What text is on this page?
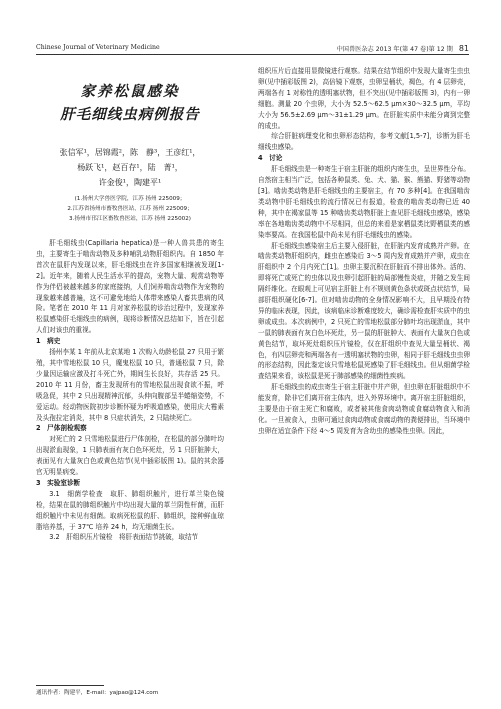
Chinese Journal of Veterinary Medicine	中国兽医杂志 2013 年(第 47 卷)第 12 期 81
家养松鼠感染
肝毛细线虫病例报告
张信军¹，居锦霞²，陈　静³，王彦红¹，
杨跃飞¹，赵百存¹，陆　菁¹，
许金俊¹，陶建平¹
(1.扬州大学兽医学院，江苏 扬州 225009；
2.江苏省扬州市畜牧兽医站，江苏 扬州 225009；
3.扬州市邗江区畜牧兽医站，江苏 扬州 225002)

肝毛细线虫(Capillaria hepatica)是一种人兽共患的寄生虫，主要寄生于啮齿动物及多种哺乳动物肝组织内。自 1850 年首次在鼠肝内发现以来，肝毛细线虫在许多国家相继被发现[1-2]。近年来，随着人民生活水平的提高，宠物大量、观赏动物等作为伴侣被越来越多的家庭接纳，人们饲养啮齿动物作为宠物的现象越来越普遍，这不可避免地给人体带来感染人畜共患病的风险。笔者在 2010 年 11 月对家养松鼠的诊治过程中，发现家养松鼠感染肝毛细线虫的病例，现将诊断情况总结如下，旨在引起人们对该虫的重视。

1　病史

扬州李某 1 年前从北京某地 1 次购入幼龄松鼠 27 只用于繁殖，其中雪地松鼠 10 只，魔鬼松鼠 10 只，普通松鼠 7 只，除少量因运输应激及打斗死亡外，期间生长良好，共存活 25 只。2010 年 11 月份，畜主发现所有的雪地松鼠出现食欲不振，呼吸急促，其中 2 只出现精神沉郁，头伸向腹部呈半蜷缩姿势，不爱运动。经动物医院初步诊断怀疑为呼吸道感染，使用庆大霉素及头孢拉定消炎，其中 8 只症状消失，2 只陆续死亡。

2　尸体剖检观察

对死亡的 2 只雪地松鼠进行尸体剖检，在松鼠的部分肺叶均出现淤血现象，1 只肺表面有灰白色环死灶，另 1 只肝脏肿大，表面见有大量灰白色或黄色结节(见中插彩版图 1)。鼠的其余器官无明显病变。

3　实验室诊断

3.1　细菌学检查　取肝、肺组织触片，进行革兰染色镜检，结果在鼠的肺组织触片中均出现大量的革兰阴性杆菌，而肝组织触片中未见有细菌。取病死松鼠的肝、肺组织，接种鲜血琼脂培养基，于 37℃ 培养 24 h，均无细菌生长。

3.2　肝组织压片镜检　将肝表面结节挑破，取结节

组织压片后直接用显微镜进行观察。结果在结节组织中发现大量寄生虫虫卵(见中插彩版图 2)，高倍镜下观察，虫卵呈桶状，褐色，有 4 层卵壳，两端各有 1 对称性的透明塞状物，但不突出(见中插彩版图 3)，内有一卵细胞。测量 20 个虫卵，大小为 52.5～62.5 μm×30～32.5 μm，平均大小为 56.5±2.69 μm～31±1.29 μm。在肝脏实质中未能分离到完整的成虫。

综合肝脏病理变化和虫卵形态结构，参考文献[1,5-7]，诊断为肝毛细线虫感染。

4　讨论

肝毛细线虫是一种寄生于宿主肝脏的组织内寄生虫，呈世界性分布。自然宿主相当广泛，包括各种鼠类、兔、犬、猫、猴、熊猫、野猪等动物[3]。啮齿类动物是肝毛细线虫的主要宿主，有 70 多种[4]。在我国啮齿类动物中肝毛细线虫的流行情况已有报道，检查的啮齿类动物已近 40 种，其中在褐家鼠等 15 种啮齿类动物肝脏上查见肝毛细线虫感染，感染率在各地啮齿类动物中不尽相同，但总的来看是家栖鼠类比野栖鼠类的感染率要高。在我国松鼠中尚未见有肝毛细线虫的感染。

肝毛细线虫感染宿主后主要入侵肝脏，在肝脏内发育成熟并产卵。在啮齿类动物肝组织内，雌虫在感染后 3～5 周内发育成熟并产卵，成虫在肝组织中 2 个月内死亡[1]。虫卵主要沉积在肝脏而不排出体外。活的、即将死亡或死亡的虫体以及虫卵引起肝脏的局部慢性炎症，并随之发生间隔纤维化。在眼观上可见宿主肝脏上有不规则黄色条状或斑点状结节，局部肝组织硬化[6-7]。但对啮齿动物的全身情况影响不大，且早期没有特异的临床表现，因此，该病临床诊断难度较大，确诊需检查肝实质中的虫卵或成虫。本次病例中，2 只死亡的雪地松鼠部分肺叶均出现淤血，其中一鼠的肺表面有灰白色坏死灶，另一鼠的肝脏肿大、表面有大量灰白色或黄色结节，取坏死灶组织压片镜检，仅在肝组织中查见大量呈桶状、褐色，有四层卵壳和两端各有一透明塞状物的虫卵，相同于肝毛细线虫虫卵的形态结构，因此鉴定该只雪地松鼠死感染了肝毛细线虫。但从细菌学检查结果来看，该松鼠是死于肺部感染的细菌性疾病。

肝毛细线虫的成虫寄生于宿主肝脏中并产卵，但虫卵在肝脏组织中不能发育，除非它们离开宿主体内，进入外界环境中。离开宿主肝脏组织，主要是由于宿主死亡和腐败，或者被其他食肉动物或食腐动物食入和消化。一旦被食入，虫卵可通过食肉动物或食腐动物的粪便排出，当环境中虫卵在适宜条件下经 4～5 周发育为含幼虫的感染性虫卵。因此，

通讯作者：陶建平，E-mail：yajpao@124.com
